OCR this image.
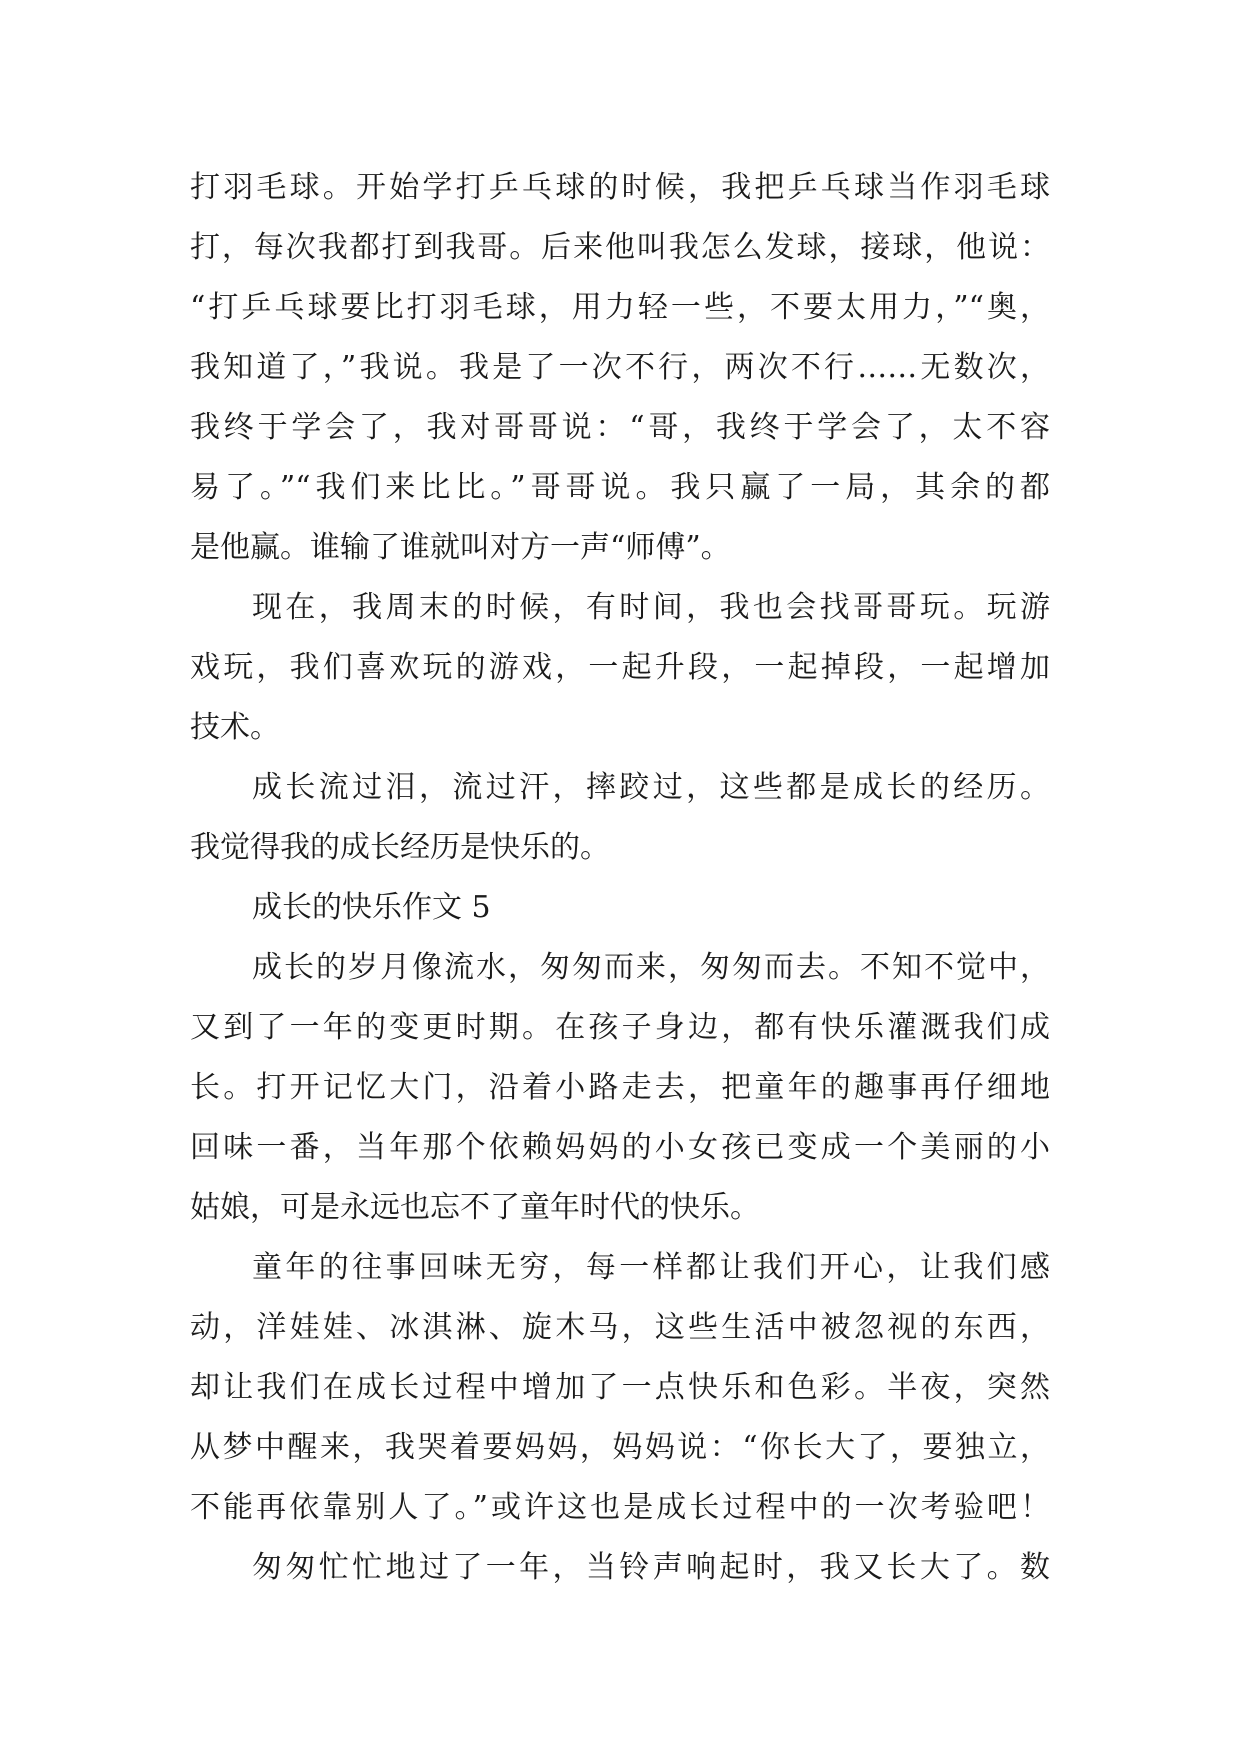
打羽毛球。开始学打乒乓球的时候，我把乒乓球当作羽毛球
打，每次我都打到我哥。后来他叫我怎么发球，接球，他说：
“打乒乓球要比打羽毛球，用力轻一些，不要太用力，”“奥，
我知道了，”我说。我是了一次不行，两次不行……无数次，
我终于学会了，我对哥哥说：“哥，我终于学会了，太不容
易了。”“我们来比比。”哥哥说。我只赢了一局，其余的都
是他赢。谁输了谁就叫对方一声“师傅”。
现在，我周末的时候，有时间，我也会找哥哥玩。玩游
戏玩，我们喜欢玩的游戏，一起升段，一起掉段，一起增加
技术。
成长流过泪，流过汗，摔跤过，这些都是成长的经历。
我觉得我的成长经历是快乐的。
成长的快乐作文 5
成长的岁月像流水，匆匆而来，匆匆而去。不知不觉中，
又到了一年的变更时期。在孩子身边，都有快乐灌溉我们成
长。打开记忆大门，沿着小路走去，把童年的趣事再仔细地
回味一番，当年那个依赖妈妈的小女孩已变成一个美丽的小
姑娘，可是永远也忘不了童年时代的快乐。
童年的往事回味无穷，每一样都让我们开心，让我们感
动，洋娃娃、冰淇淋、旋木马，这些生活中被忽视的东西，
却让我们在成长过程中增加了一点快乐和色彩。半夜，突然
从梦中醒来，我哭着要妈妈，妈妈说：“你长大了，要独立，
不能再依靠别人了。”或许这也是成长过程中的一次考验吧！
匆匆忙忙地过了一年，当铃声响起时，我又长大了。数
